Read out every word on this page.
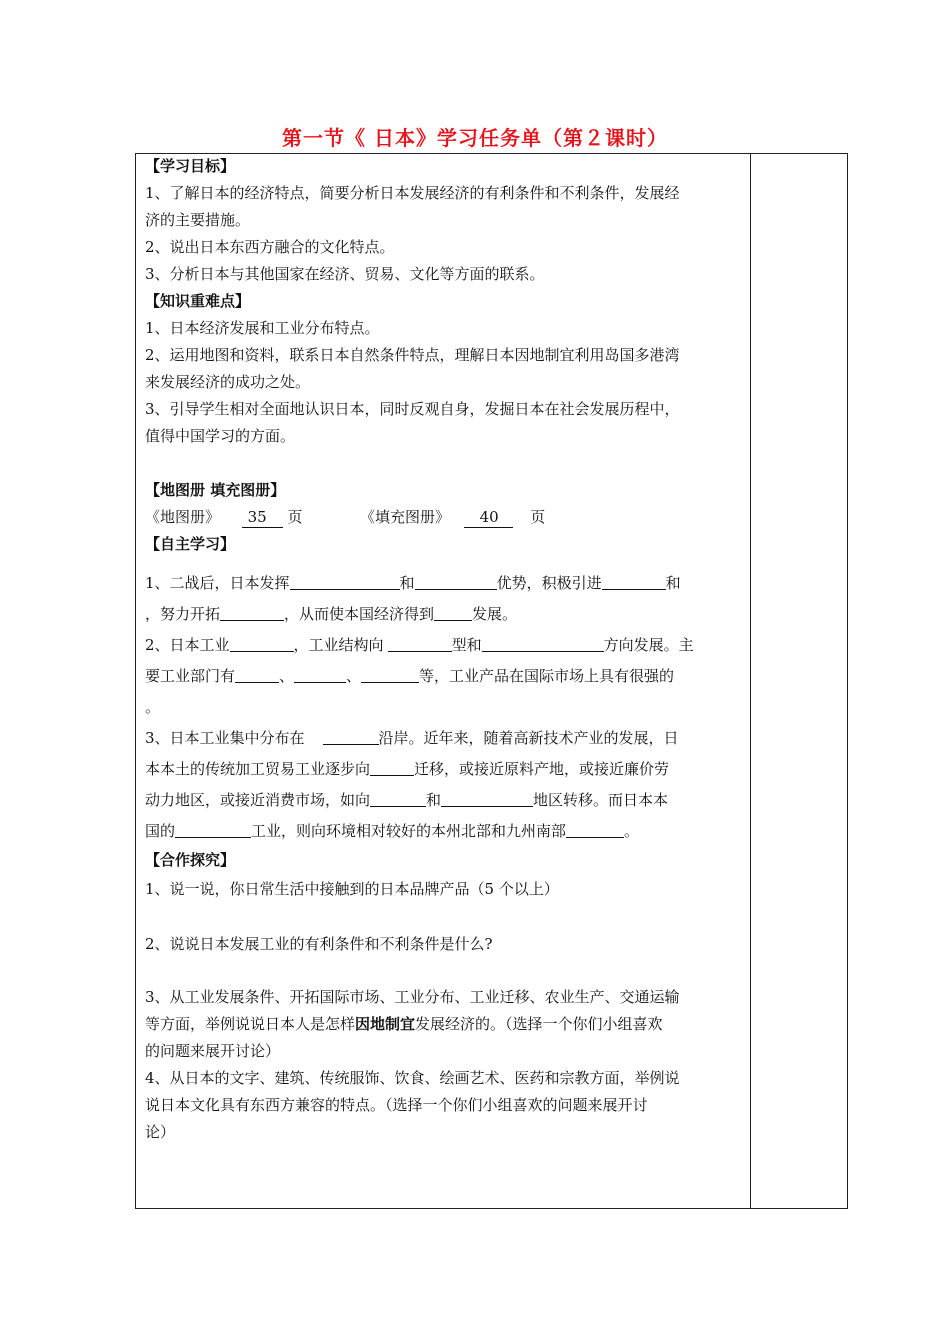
第一节《 日本》学习任务单（第２课时）
【学习目标】
1、了解日本的经济特点，简要分析日本发展经济的有利条件和不利条件，发展经
济的主要措施。
2、说出日本东西方融合的文化特点。
3、分析日本与其他国家在经济、贸易、文化等方面的联系。
【知识重难点】
1、日本经济发展和工业分布特点。
2、运用地图和资料，联系日本自然条件特点，理解日本因地制宜利用岛国多港湾
来发展经济的成功之处。
3、引导学生相对全面地认识日本，同时反观自身，发掘日本在社会发展历程中，
值得中国学习的方面。
【地图册 填充图册】
《地图册》 35 页	《填充图册》 40 页
【自主学习】
1、二战后，日本发挥	和	优势，积极引进	和
，努力开拓	，从而使本国经济得到	发展。
2、日本工业	，工业结构向	型和	方向发展。主
要工业部门有	、	、	等，工业产品在国际市场上具有很强的
。
3、日本工业集中分布在	沿岸。近年来，随着高新技术产业的发展，日
本本土的传统加工贸易工业逐步向	迁移，或接近原料产地，或接近廉价劳
动力地区，或接近消费市场，如向	和	地区转移。而日本本
国的	工业，则向环境相对较好的本州北部和九州南部	。
【合作探究】
1、说一说，你日常生活中接触到的日本品牌产品（5 个以上）
2、说说日本发展工业的有利条件和不利条件是什么?
3、从工业发展条件、开拓国际市场、工业分布、工业迁移、农业生产、交通运输
等方面，举例说说日本人是怎样因地制宜发展经济的。（选择一个你们小组喜欢
的问题来展开讨论）
4、从日本的文字、建筑、传统服饰、饮食、绘画艺术、医药和宗教方面，举例说
说日本文化具有东西方兼容的特点。（选择一个你们小组喜欢的问题来展开讨
论）
